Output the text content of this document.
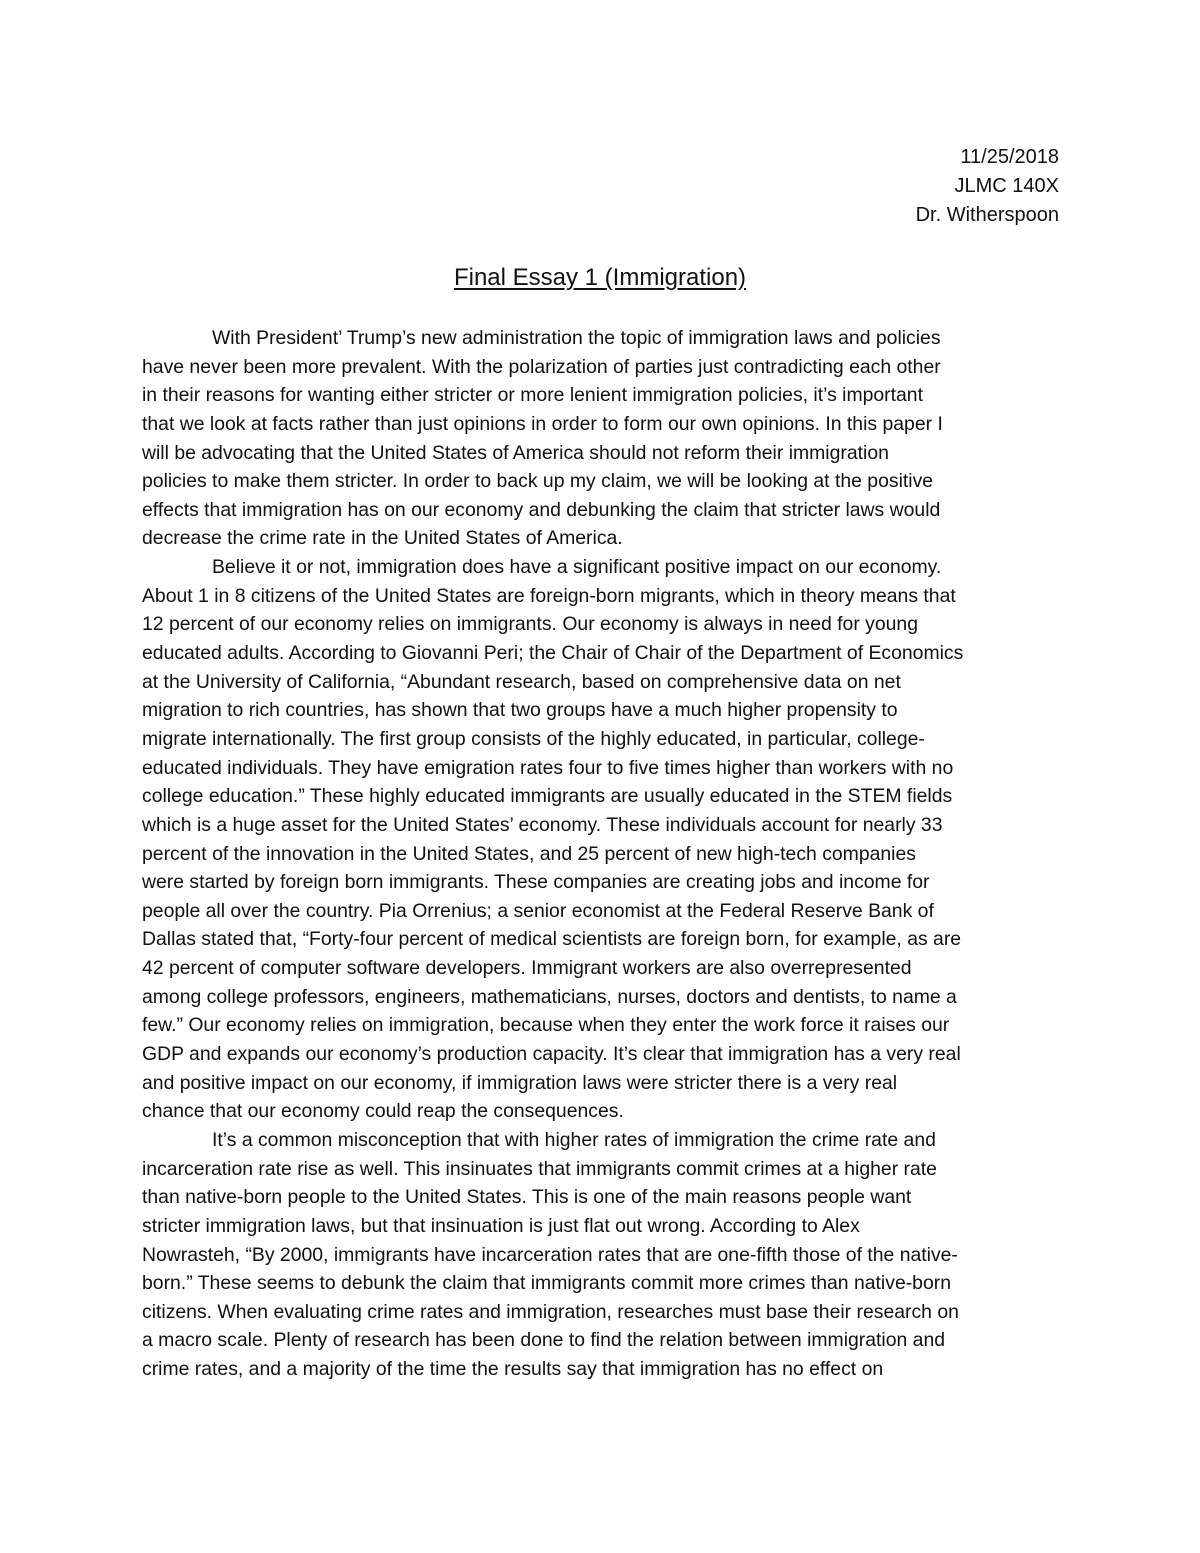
11/25/2018
JLMC 140X
Dr. Witherspoon
Final Essay 1 (Immigration)
With President’ Trump’s new administration the topic of immigration laws and policies
have never been more prevalent. With the polarization of parties just contradicting each other
in their reasons for wanting either stricter or more lenient immigration policies, it’s important
that we look at facts rather than just opinions in order to form our own opinions. In this paper I
will be advocating that the United States of America should not reform their immigration
policies to make them stricter. In order to back up my claim, we will be looking at the positive
effects that immigration has on our economy and debunking the claim that stricter laws would
decrease the crime rate in the United States of America.
Believe it or not, immigration does have a significant positive impact on our economy.
About 1 in 8 citizens of the United States are foreign-born migrants, which in theory means that
12 percent of our economy relies on immigrants. Our economy is always in need for young
educated adults. According to Giovanni Peri; the Chair of Chair of the Department of Economics
at the University of California, “Abundant research, based on comprehensive data on net
migration to rich countries, has shown that two groups have a much higher propensity to
migrate internationally. The first group consists of the highly educated, in particular, college-
educated individuals. They have emigration rates four to five times higher than workers with no
college education.” These highly educated immigrants are usually educated in the STEM fields
which is a huge asset for the United States’ economy. These individuals account for nearly 33
percent of the innovation in the United States, and 25 percent of new high-tech companies
were started by foreign born immigrants. These companies are creating jobs and income for
people all over the country. Pia Orrenius; a senior economist at the Federal Reserve Bank of
Dallas stated that, “Forty-four percent of medical scientists are foreign born, for example, as are
42 percent of computer software developers. Immigrant workers are also overrepresented
among college professors, engineers, mathematicians, nurses, doctors and dentists, to name a
few.” Our economy relies on immigration, because when they enter the work force it raises our
GDP and expands our economy’s production capacity. It’s clear that immigration has a very real
and positive impact on our economy, if immigration laws were stricter there is a very real
chance that our economy could reap the consequences.
It’s a common misconception that with higher rates of immigration the crime rate and
incarceration rate rise as well. This insinuates that immigrants commit crimes at a higher rate
than native-born people to the United States. This is one of the main reasons people want
stricter immigration laws, but that insinuation is just flat out wrong. According to Alex
Nowrasteh, “By 2000, immigrants have incarceration rates that are one-fifth those of the native-
born.” These seems to debunk the claim that immigrants commit more crimes than native-born
citizens. When evaluating crime rates and immigration, researches must base their research on
a macro scale. Plenty of research has been done to find the relation between immigration and
crime rates, and a majority of the time the results say that immigration has no effect on
